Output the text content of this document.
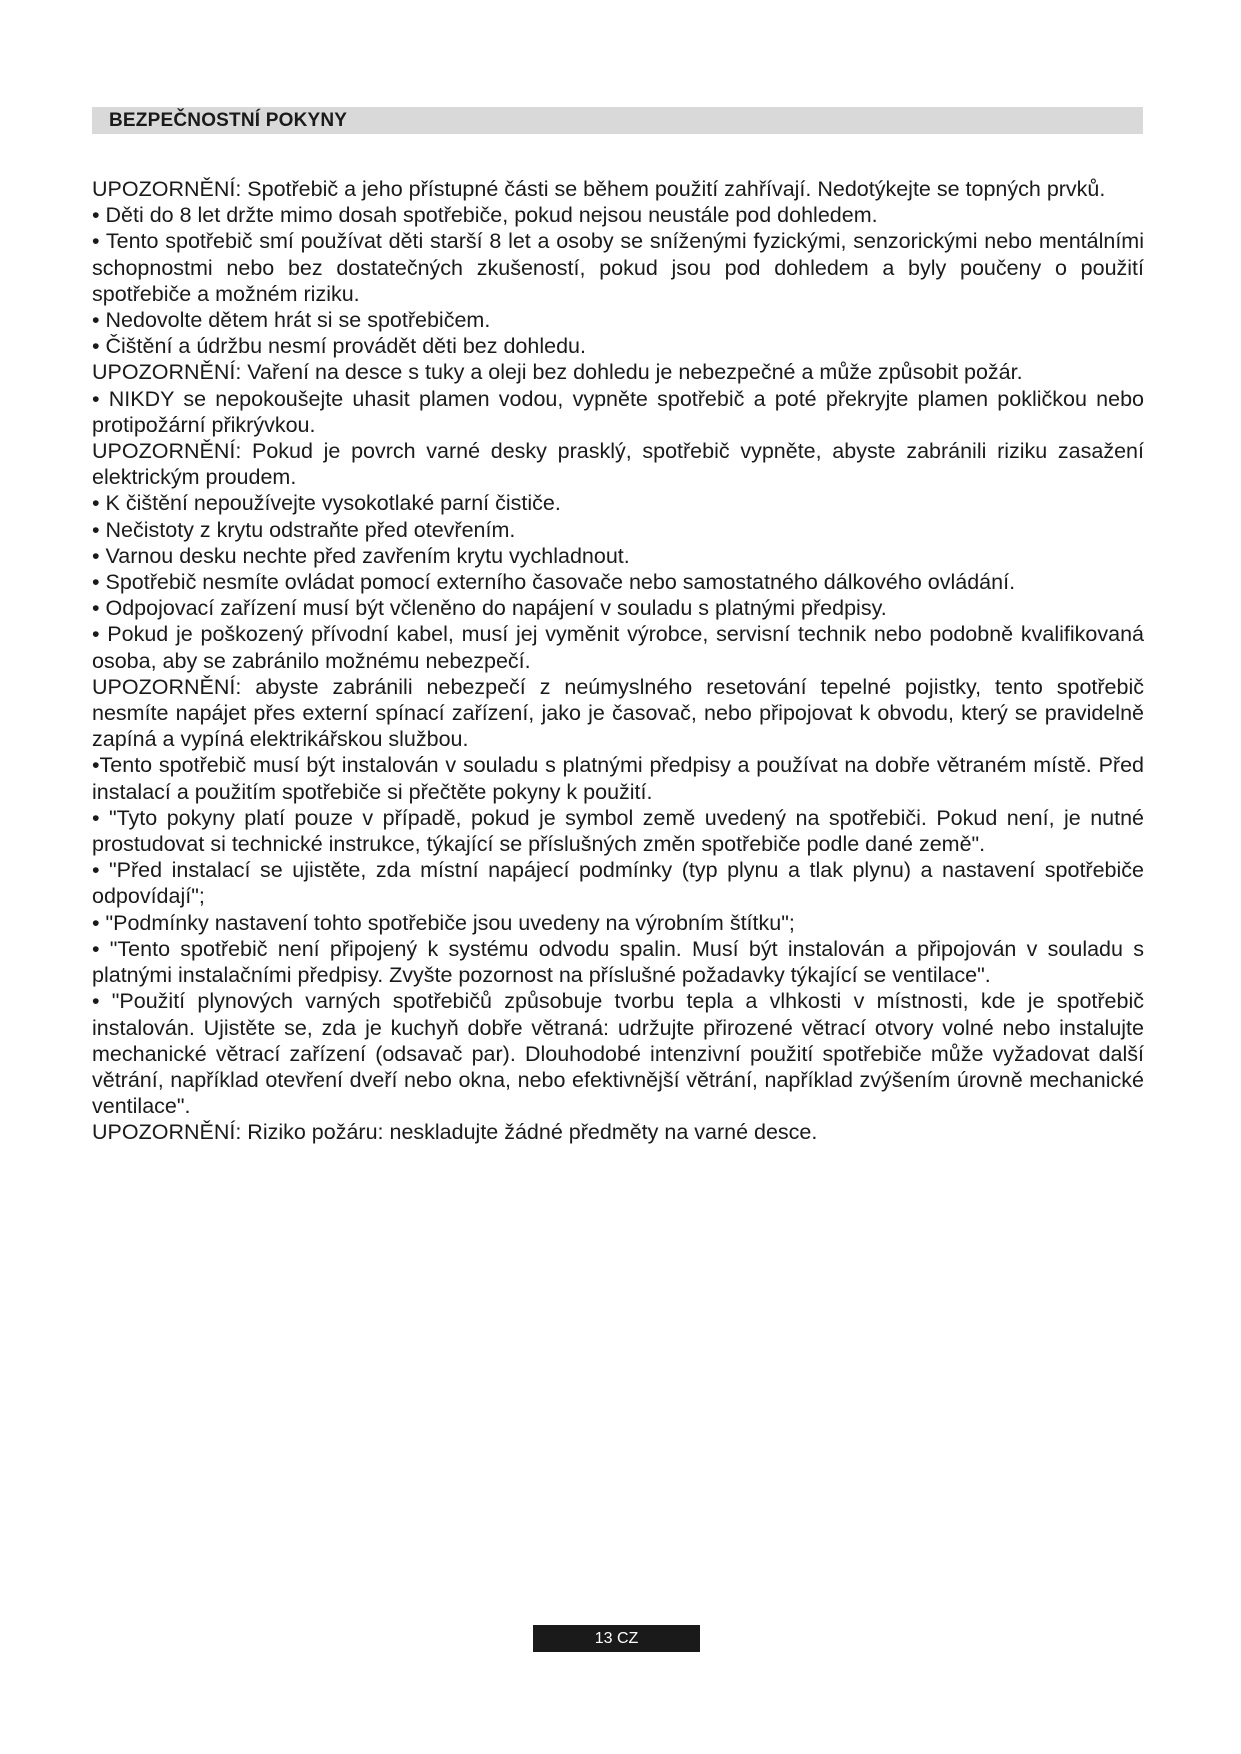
BEZPEČNOSTNÍ POKYNY

UPOZORNĚNÍ: Spotřebič a jeho přístupné části se během použití zahřívají. Nedotýkejte se topných prvků.

• Děti do 8 let držte mimo dosah spotřebiče, pokud nejsou neustále pod dohledem.

• Tento spotřebič smí používat děti starší 8 let a osoby se sníženými fyzickými, senzorickými nebo mentálními schopnostmi nebo bez dostatečných zkušeností, pokud jsou pod dohledem a byly poučeny o použití spotřebiče a možném riziku.

• Nedovolte dětem hrát si se spotřebičem.

• Čištění a údržbu nesmí provádět děti bez dohledu.

UPOZORNĚNÍ: Vaření na desce s tuky a oleji bez dohledu je nebezpečné a může způsobit požár.

• NIKDY se nepokoušejte uhasit plamen vodou, vypněte spotřebič a poté překryjte plamen pokličkou nebo protipožární přikrývkou.

UPOZORNĚNÍ: Pokud je povrch varné desky prasklý, spotřebič vypněte, abyste zabránili riziku zasažení elektrickým proudem.

• K čištění nepoužívejte vysokotlaké parní čističe.

• Nečistoty z krytu odstraňte před otevřením.

• Varnou desku nechte před zavřením krytu vychladnout.

• Spotřebič nesmíte ovládat pomocí externího časovače nebo samostatného dálkového ovládání.

• Odpojovací zařízení musí být včleněno do napájení v souladu s platnými předpisy.

• Pokud je poškozený přívodní kabel, musí jej vyměnit výrobce, servisní technik nebo podobně kvalifikovaná osoba, aby se zabránilo možnému nebezpečí.

UPOZORNĚNÍ: abyste zabránili nebezpečí z neúmyslného resetování tepelné pojistky, tento spotřebič nesmíte napájet přes externí spínací zařízení, jako je časovač, nebo připojovat k obvodu, který se pravidelně zapíná a vypíná elektrikářskou službou.

•Tento spotřebič musí být instalován v souladu s platnými předpisy a používat na dobře větraném místě. Před instalací a použitím spotřebiče si přečtěte pokyny k použití.

• "Tyto pokyny platí pouze v případě, pokud je symbol země uvedený na spotřebiči. Pokud není, je nutné prostudovat si technické instrukce, týkající se příslušných změn spotřebiče podle dané země".

• "Před instalací se ujistěte, zda místní napájecí podmínky (typ plynu a tlak plynu) a nastavení spotřebiče odpovídají";

• "Podmínky nastavení tohto spotřebiče jsou uvedeny na výrobním štítku";

• "Tento spotřebič není připojený k systému odvodu spalin. Musí být instalován a připojován v souladu s platnými instalačními předpisy. Zvyšte pozornost na příslušné požadavky týkající se ventilace".

• "Použití plynových varných spotřebičů způsobuje tvorbu tepla a vlhkosti v místnosti, kde je spotřebič instalován. Ujistěte se, zda je kuchyň dobře větraná: udržujte přirozené větrací otvory volné nebo instalujte mechanické větrací zařízení (odsavač par). Dlouhodobé intenzivní použití spotřebiče může vyžadovat další větrání, například otevření dveří nebo okna, nebo efektivnější větrání, například zvýšením úrovně mechanické ventilace".

UPOZORNĚNÍ: Riziko požáru: neskladujte žádné předměty na varné desce.

13 CZ
